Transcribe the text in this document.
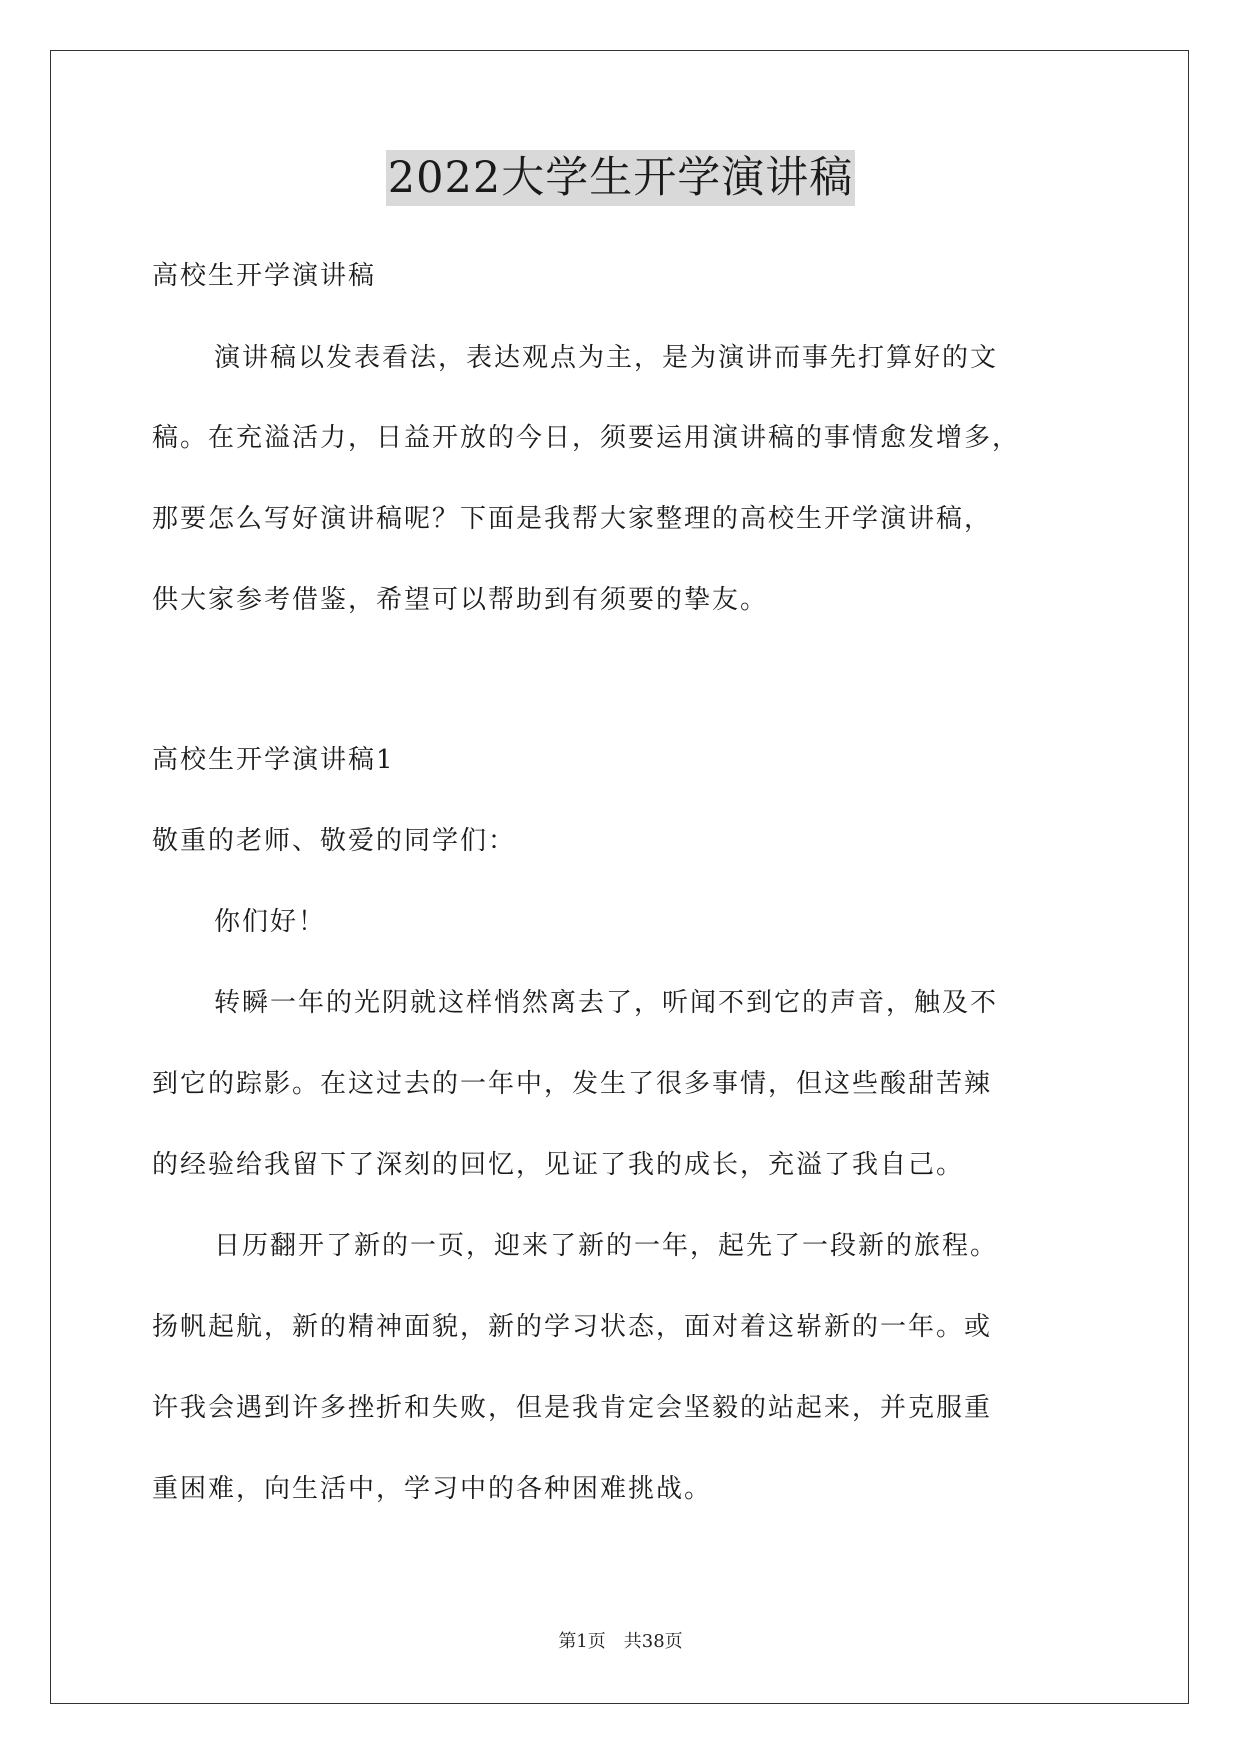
2022大学生开学演讲稿

高校生开学演讲稿

演讲稿以发表看法，表达观点为主，是为演讲而事先打算好的文

稿。在充溢活力，日益开放的今日，须要运用演讲稿的事情愈发增多，

那要怎么写好演讲稿呢？下面是我帮大家整理的高校生开学演讲稿，

供大家参考借鉴，希望可以帮助到有须要的挚友。

高校生开学演讲稿1

敬重的老师、敬爱的同学们：

你们好！

转瞬一年的光阴就这样悄然离去了，听闻不到它的声音，触及不

到它的踪影。在这过去的一年中，发生了很多事情，但这些酸甜苦辣

的经验给我留下了深刻的回忆，见证了我的成长，充溢了我自己。

日历翻开了新的一页，迎来了新的一年，起先了一段新的旅程。

扬帆起航，新的精神面貌，新的学习状态，面对着这崭新的一年。或

许我会遇到许多挫折和失败，但是我肯定会坚毅的站起来，并克服重

重困难，向生活中，学习中的各种困难挑战。

第1页　共38页
